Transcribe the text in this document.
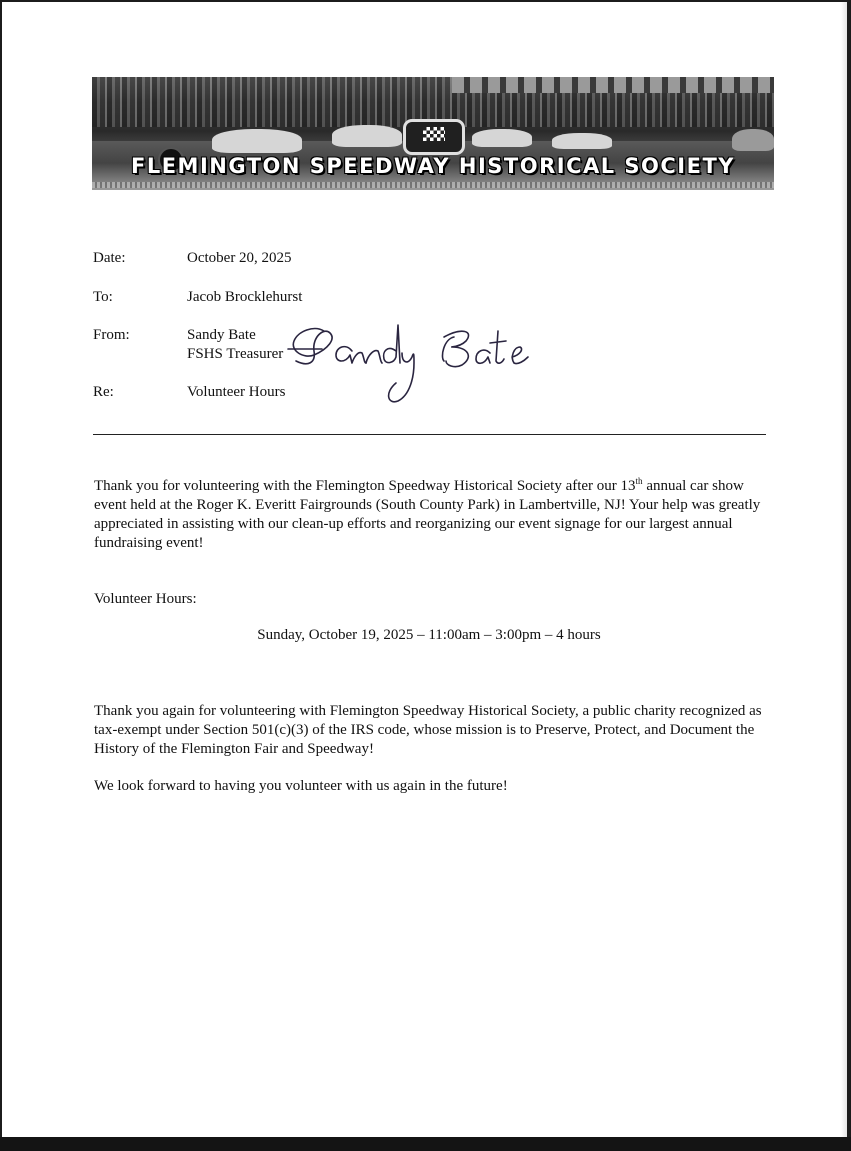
FLEMINGTON SPEEDWAY HISTORICAL SOCIETY
Date:	October 20, 2025
To:	Jacob Brocklehurst
From:	Sandy Bate
FSHS Treasurer
Re:	Volunteer Hours

Thank you for volunteering with the Flemington Speedway Historical Society after our 13th annual car show event held at the Roger K. Everitt Fairgrounds (South County Park) in Lambertville, NJ! Your help was greatly appreciated in assisting with our clean-up efforts and reorganizing our event signage for our largest annual fundraising event!

Volunteer Hours:
Sunday, October 19, 2025 – 11:00am – 3:00pm – 4 hours

Thank you again for volunteering with Flemington Speedway Historical Society, a public charity recognized as tax-exempt under Section 501(c)(3) of the IRS code, whose mission is to Preserve, Protect, and Document the History of the Flemington Fair and Speedway!

We look forward to having you volunteer with us again in the future!
